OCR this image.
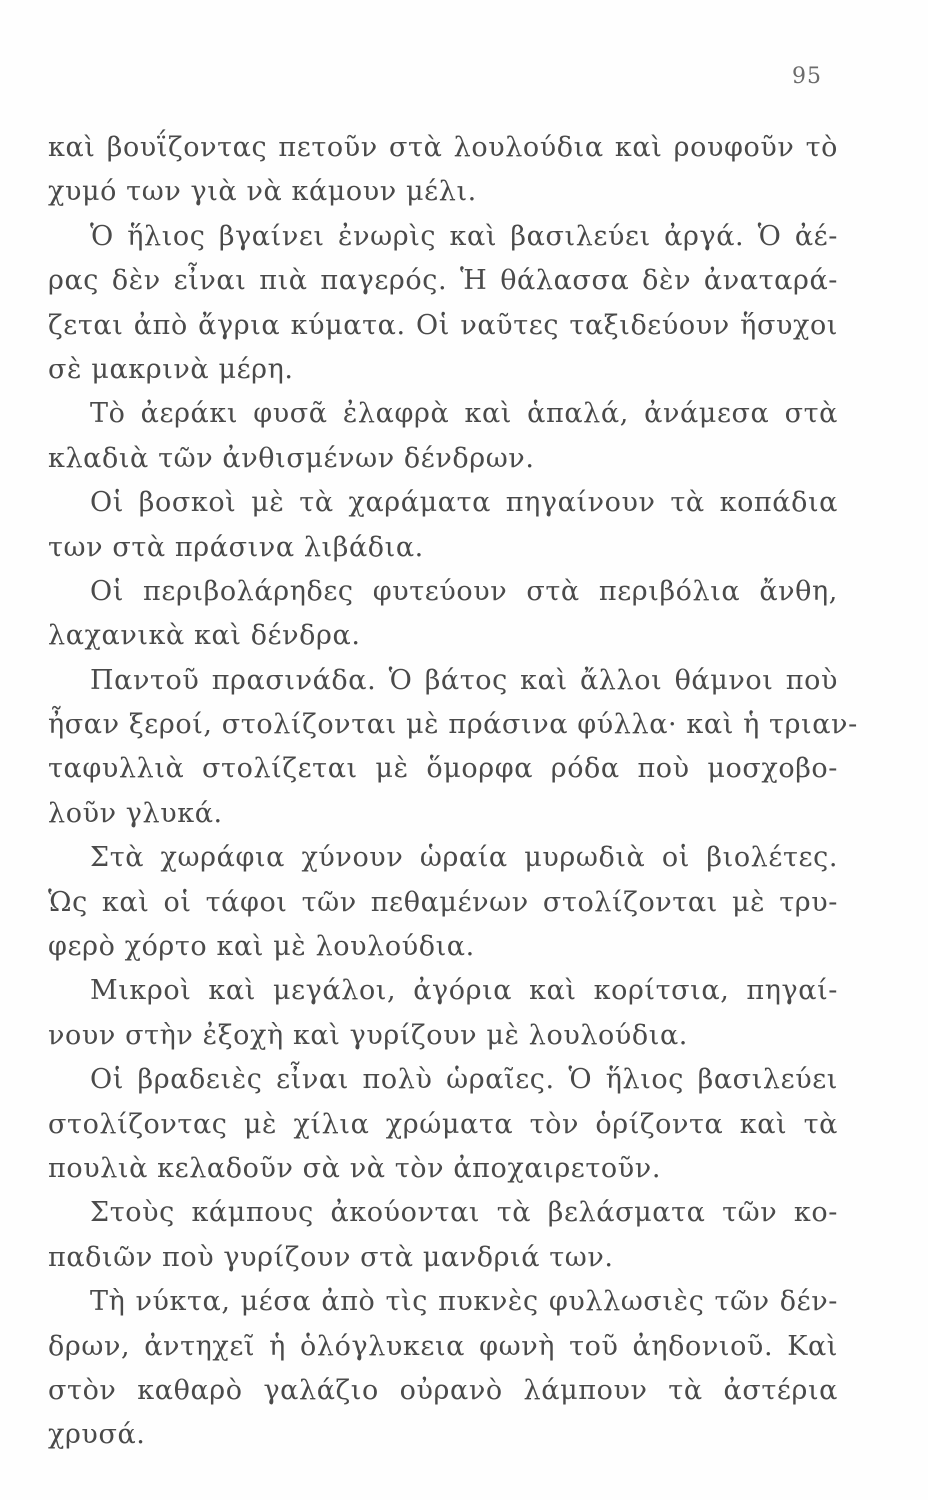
95
καὶ βουΐζοντας πετοῦν στὰ λουλούδια καὶ ρουφοῦν τὸ
χυμό των γιὰ νὰ κάμουν μέλι.
Ὁ ἥλιος βγαίνει ἐνωρὶς καὶ βασιλεύει ἀργά. Ὁ ἀέ-
ρας δὲν εἶναι πιὰ παγερός. Ἡ θάλασσα δὲν ἀναταρά-
ζεται ἀπὸ ἄγρια κύματα. Οἱ ναῦτες ταξιδεύουν ἥσυχοι
σὲ μακρινὰ μέρη.
Τὸ ἀεράκι φυσᾶ ἐλαφρὰ καὶ ἁπαλά, ἀνάμεσα στὰ
κλαδιὰ τῶν ἀνθισμένων δένδρων.
Οἱ βοσκοὶ μὲ τὰ χαράματα πηγαίνουν τὰ κοπάδια
των στὰ πράσινα λιβάδια.
Οἱ περιβολάρηδες φυτεύουν στὰ περιβόλια ἄνθη,
λαχανικὰ καὶ δένδρα.
Παντοῦ πρασινάδα. Ὁ βάτος καὶ ἄλλοι θάμνοι ποὺ
ἦσαν ξεροί, στολίζονται μὲ πράσινα φύλλα· καὶ ἡ τριαν-
ταφυλλιὰ στολίζεται μὲ ὅμορφα ρόδα ποὺ μοσχοβο-
λοῦν γλυκά.
Στὰ χωράφια χύνουν ὡραία μυρωδιὰ οἱ βιολέτες.
Ὡς καὶ οἱ τάφοι τῶν πεθαμένων στολίζονται μὲ τρυ-
φερὸ χόρτο καὶ μὲ λουλούδια.
Μικροὶ καὶ μεγάλοι, ἀγόρια καὶ κορίτσια, πηγαί-
νουν στὴν ἐξοχὴ καὶ γυρίζουν μὲ λουλούδια.
Οἱ βραδειὲς εἶναι πολὺ ὡραῖες. Ὁ ἥλιος βασιλεύει
στολίζοντας μὲ χίλια χρώματα τὸν ὁρίζοντα καὶ τὰ
πουλιὰ κελαδοῦν σὰ νὰ τὸν ἀποχαιρετοῦν.
Στοὺς κάμπους ἀκούονται τὰ βελάσματα τῶν κο-
παδιῶν ποὺ γυρίζουν στὰ μανδριά των.
Τὴ νύκτα, μέσα ἀπὸ τὶς πυκνὲς φυλλωσιὲς τῶν δέν-
δρων, ἀντηχεῖ ἡ ὁλόγλυκεια φωνὴ τοῦ ἀηδονιοῦ. Καὶ
στὸν καθαρὸ γαλάζιο οὐρανὸ λάμπουν τὰ ἀστέρια
χρυσά.
